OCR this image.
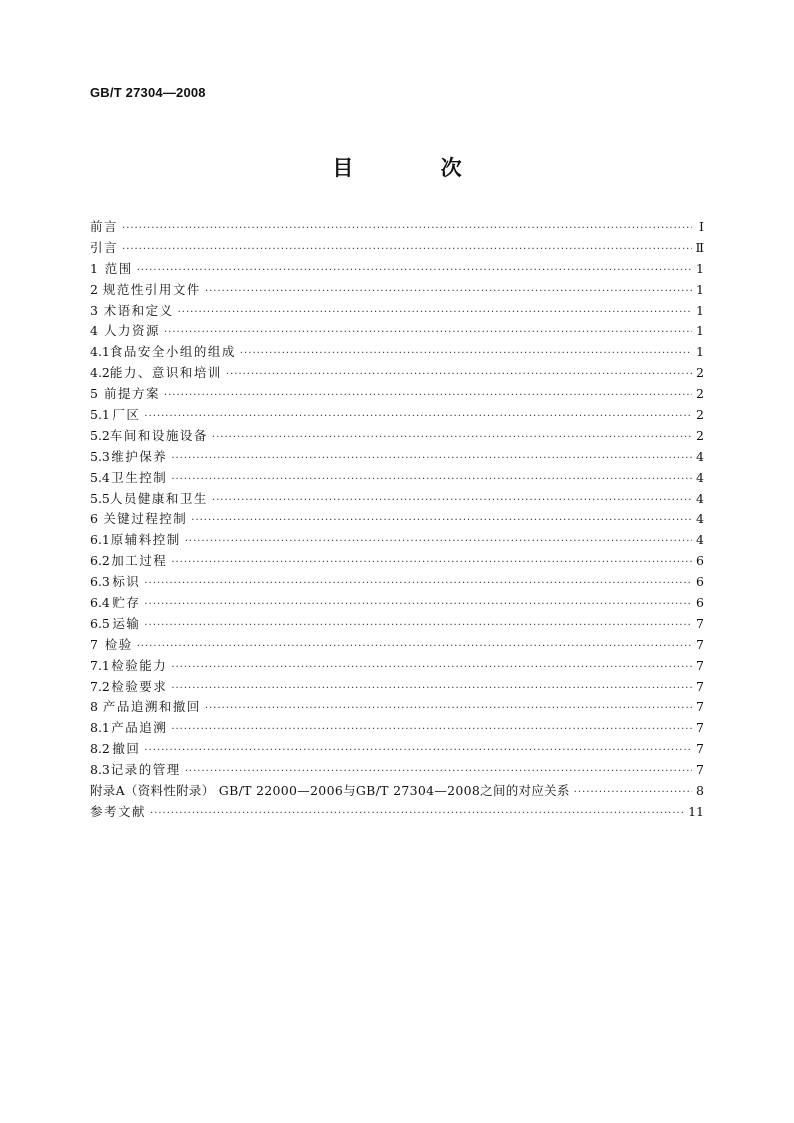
GB/T 27304—2008
目 次
前言 ·····	Ⅰ
引言 ·····	Ⅱ
1 范围 ·····	1
2 规范性引用文件 ·····	1
3 术语和定义 ·····	1
4 人力资源 ·····	1
4.1 食品安全小组的组成 ·····	1
4.2 能力、意识和培训 ·····	2
5 前提方案 ·····	2
5.1 厂区 ·····	2
5.2 车间和设施设备 ·····	2
5.3 维护保养 ·····	4
5.4 卫生控制 ·····	4
5.5 人员健康和卫生 ·····	4
6 关键过程控制 ·····	4
6.1 原辅料控制 ·····	4
6.2 加工过程 ·····	6
6.3 标识 ·····	6
6.4 贮存 ·····	6
6.5 运输 ·····	7
7 检验 ·····	7
7.1 检验能力 ·····	7
7.2 检验要求 ·····	7
8 产品追溯和撤回 ·····	7
8.1 产品追溯 ·····	7
8.2 撤回 ·····	7
8.3 记录的管理 ·····	7
附录A（资料性附录） GB/T 22000—2006与GB/T 27304—2008之间的对应关系 ·····	8
参考文献 ·····	11
